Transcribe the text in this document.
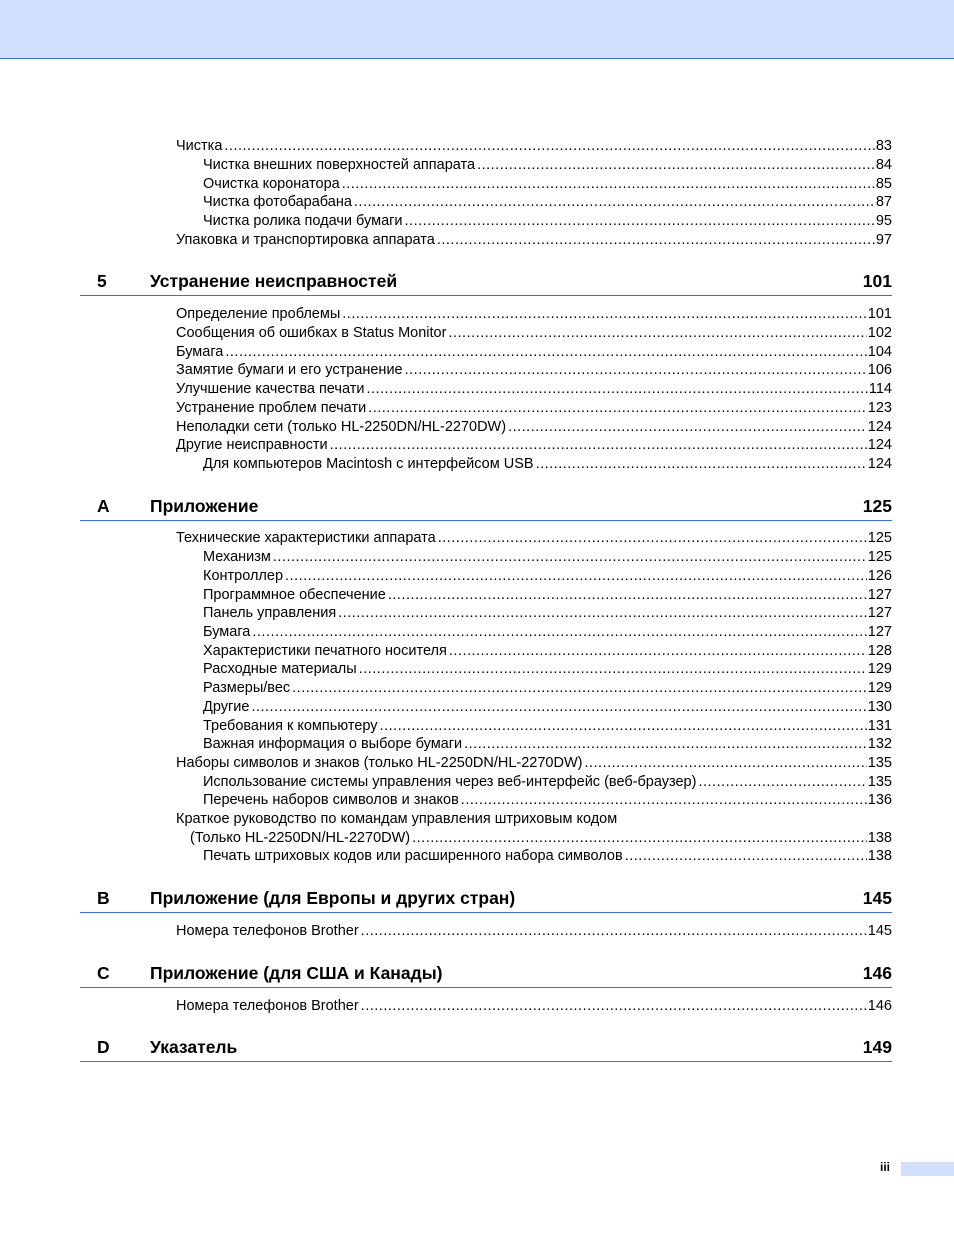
Чистка .....	83
Чистка внешних поверхностей аппарата .....	84
Очистка коронатора .....	85
Чистка фотобарабана .....	87
Чистка ролика подачи бумаги .....	95
Упаковка и транспортировка аппарата .....	97
5 Устранение неисправностей	101
Определение проблемы .....	101
Сообщения об ошибках в Status Monitor .....	102
Бумага .....	104
Замятие бумаги и его устранение .....	106
Улучшение качества печати .....	114
Устранение проблем печати .....	123
Неполадки сети (только HL-2250DN/HL-2270DW) .....	124
Другие неисправности .....	124
Для компьютеров Macintosh с интерфейсом USB .....	124
A Приложение	125
Технические характеристики аппарата .....	125
Механизм .....	125
Контроллер .....	126
Программное обеспечение .....	127
Панель управления .....	127
Бумага .....	127
Характеристики печатного носителя .....	128
Расходные материалы .....	129
Размеры/вес .....	129
Другие .....	130
Требования к компьютеру .....	131
Важная информация о выборе бумаги .....	132
Наборы символов и знаков (только HL-2250DN/HL-2270DW) .....	135
Использование системы управления через веб-интерфейс (веб-браузер) .....	135
Перечень наборов символов и знаков .....	136
Краткое руководство по командам управления штриховым кодом
(Только HL-2250DN/HL-2270DW) .....	138
Печать штриховых кодов или расширенного набора символов .....	138
B Приложение (для Европы и других стран)	145
Номера телефонов Brother .....	145
C Приложение (для США и Канады)	146
Номера телефонов Brother .....	146
D Указатель	149
iii
